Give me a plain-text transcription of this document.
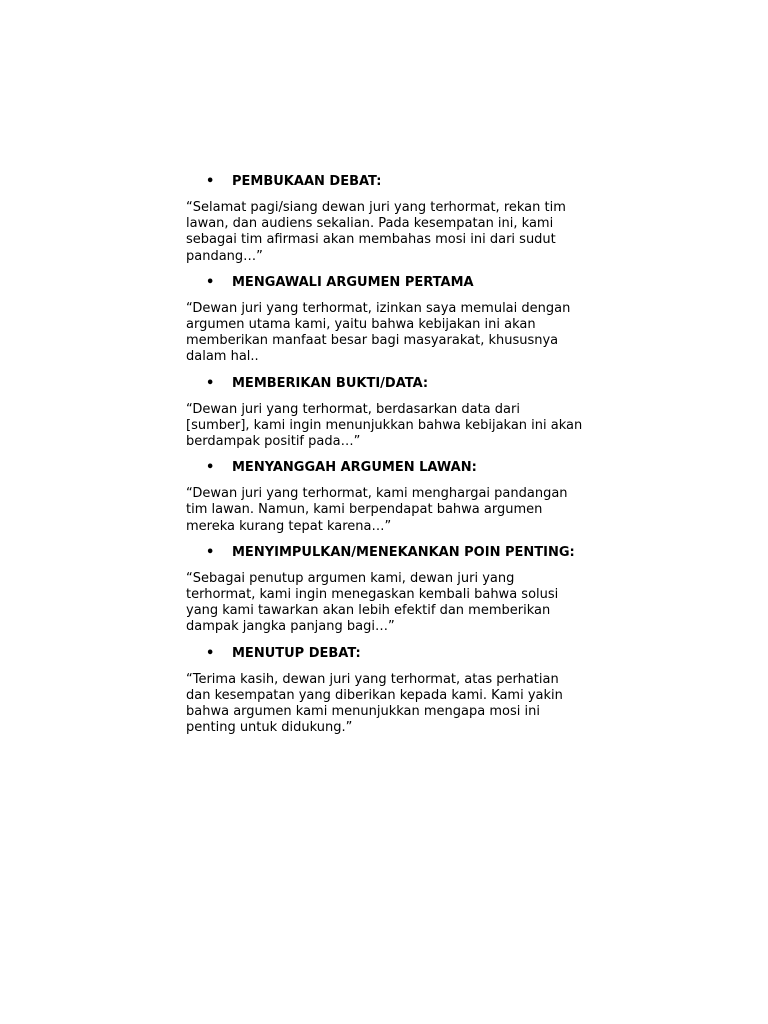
• PEMBUKAAN DEBAT:

“Selamat pagi/siang dewan juri yang terhormat, rekan tim
lawan, dan audiens sekalian. Pada kesempatan ini, kami
sebagai tim afirmasi akan membahas mosi ini dari sudut
pandang…”

• MENGAWALI ARGUMEN PERTAMA

“Dewan juri yang terhormat, izinkan saya memulai dengan
argumen utama kami, yaitu bahwa kebijakan ini akan
memberikan manfaat besar bagi masyarakat, khususnya
dalam hal..

• MEMBERIKAN BUKTI/DATA:

“Dewan juri yang terhormat, berdasarkan data dari
[sumber], kami ingin menunjukkan bahwa kebijakan ini akan
berdampak positif pada…”

• MENYANGGAH ARGUMEN LAWAN:

“Dewan juri yang terhormat, kami menghargai pandangan
tim lawan. Namun, kami berpendapat bahwa argumen
mereka kurang tepat karena…”

• MENYIMPULKAN/MENEKANKAN POIN PENTING:

“Sebagai penutup argumen kami, dewan juri yang
terhormat, kami ingin menegaskan kembali bahwa solusi
yang kami tawarkan akan lebih efektif dan memberikan
dampak jangka panjang bagi…”

• MENUTUP DEBAT:

“Terima kasih, dewan juri yang terhormat, atas perhatian
dan kesempatan yang diberikan kepada kami. Kami yakin
bahwa argumen kami menunjukkan mengapa mosi ini
penting untuk didukung.”
